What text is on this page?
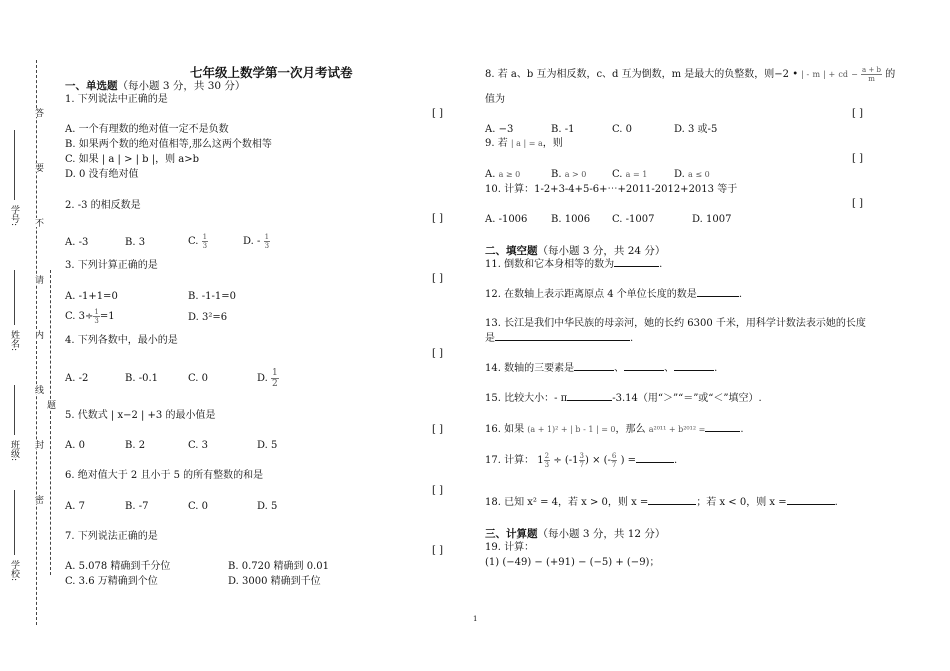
学号:
姓名:
班级:
学校:
答
要
不
请
内
线
封
密
题
七年级上数学第一次月考试卷
一、单选题（每小题 3 分，共 30 分）
1. 下列说法中正确的是
[ ]
A. 一个有理数的绝对值一定不是负数
B. 如果两个数的绝对值相等,那么这两个数相等
C. 如果 | a | > | b |，则 a>b
D. 0 没有绝对值
2. -3 的相反数是
[ ]
A. -3	B. 3	C. $\frac{1}{3}$	D. - $\frac{1}{3}$
3. 下列计算正确的是
[ ]
A. -1+1=0	B. -1-1=0
C. $3\div \frac{1}{3} =1$	D. 3²=6
4. 下列各数中，最小的是
[ ]
A. -2	B. -0.1	C. 0	D. $\frac{1}{2}$
5. 代数式 | x−2 | +3 的最小值是
[ ]
A. 0	B. 2	C. 3	D. 5
6. 绝对值大于 2 且小于 5 的所有整数的和是
[ ]
A. 7	B. -7	C. 0	D. 5
7. 下列说法正确的是
[ ]
A. 5.078 精确到千分位	B. 0.720 精确到 0.01
C. 3.6 万精确到个位	D. 3000 精确到千位
8. 若 a、b 互为相反数，c、d 互为倒数，m 是最大的负整数，则−2 • | - m | + cd − $\frac{a + b}{m}$ 的
值为
[ ]
A. −3	B. -1	C. 0	D. 3 或-5
9. 若 | a | = a，则
[ ]
A. a ≥ 0	B. a > 0	C. a = 1	D. a ≤ 0
10. 计算：1-2+3-4+5-6+⋯+2011-2012+2013 等于
[ ]
A. -1006 B. 1006 C. -1007	D. 1007
二、填空题（每小题 3 分，共 24 分）
11. 倒数和它本身相等的数为	.
12. 在数轴上表示距离原点 4 个单位长度的数是	.
13. 长江是我们中华民族的母亲河，她的长约 6300 千米，用科学计数法表示她的长度
是	.
14. 数轴的三要素是	、	、	.
15. 比较大小：- π	-3.14（用“＞”“＝”或“＜”填空）.
16. 如果 (a + 1)² + | b - 1 | = 0，那么 a²⁰¹¹ + b²⁰¹² =	.
17. 计算： $1 \frac{2}{3} \div (-1 \frac{3}{7}$ ) × (- $\frac{6}{7}$ ) =	.
18. 已知 x² = 4，若 x > 0，则 x =	；若 x < 0，则 x =	.
三、计算题（每小题 3 分，共 12 分）
19. 计算：
(1) (−49) − (+91) − (−5) + (−9)；
1
